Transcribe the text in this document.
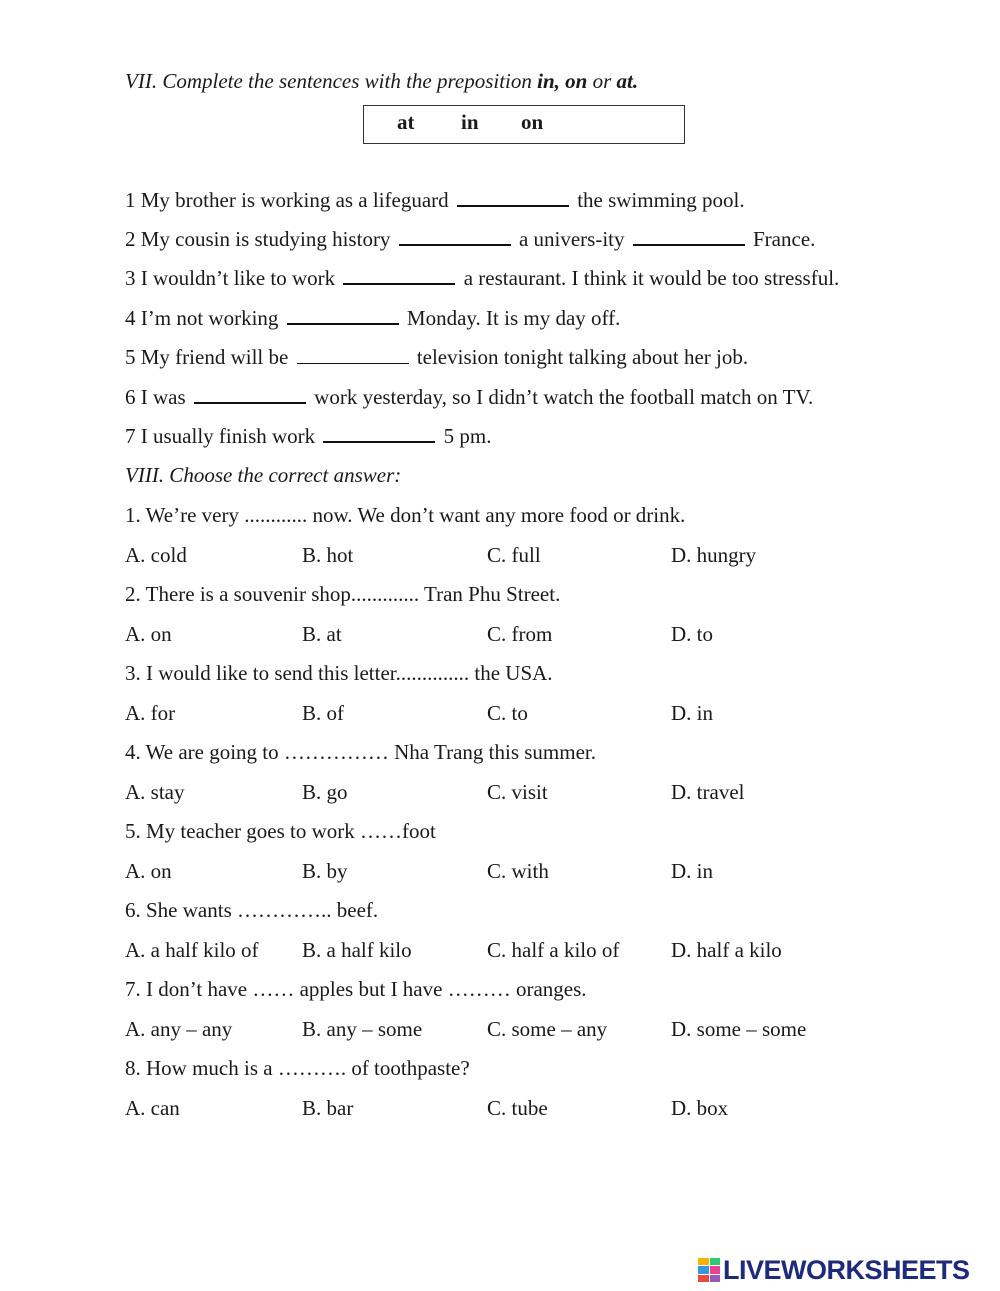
VII. Complete the sentences with the preposition in, on or at.
at in on
1 My brother is working as a lifeguard	the swimming pool.
2 My cousin is studying history	a univers-ity	France.
3 I wouldn’t like to work	a restaurant. I think it would be too stressful.
4 I’m not working	Monday. It is my day off.
5 My friend will be	television tonight talking about her job.
6 I was	work yesterday, so I didn’t watch the football match on TV.
7 I usually finish work	5 pm.
VIII. Choose the correct answer:
1. We’re very ............ now. We don’t want any more food or drink.
A. cold	B. hot	C. full	D. hungry
2. There is a souvenir shop............. Tran Phu Street.
A. on	B. at	C. from	D. to
3. I would like to send this letter.............. the USA.
A. for	B. of	C. to	D. in
4. We are going to …………… Nha Trang this summer.
A. stay	B. go	C. visit	D. travel
5. My teacher goes to work ……foot
A. on	B. by	C. with	D. in
6. She wants ………….. beef.
A. a half kilo of B. a half kilo	C. half a kilo of D. half a kilo
7. I don’t have …… apples but I have ……… oranges.
A. any – any	B. any – some	C. some – any	D. some – some
8. How much is a ………. of toothpaste?
A. can	B. bar	C. tube	D. box
LIVEWORKSHEETS
